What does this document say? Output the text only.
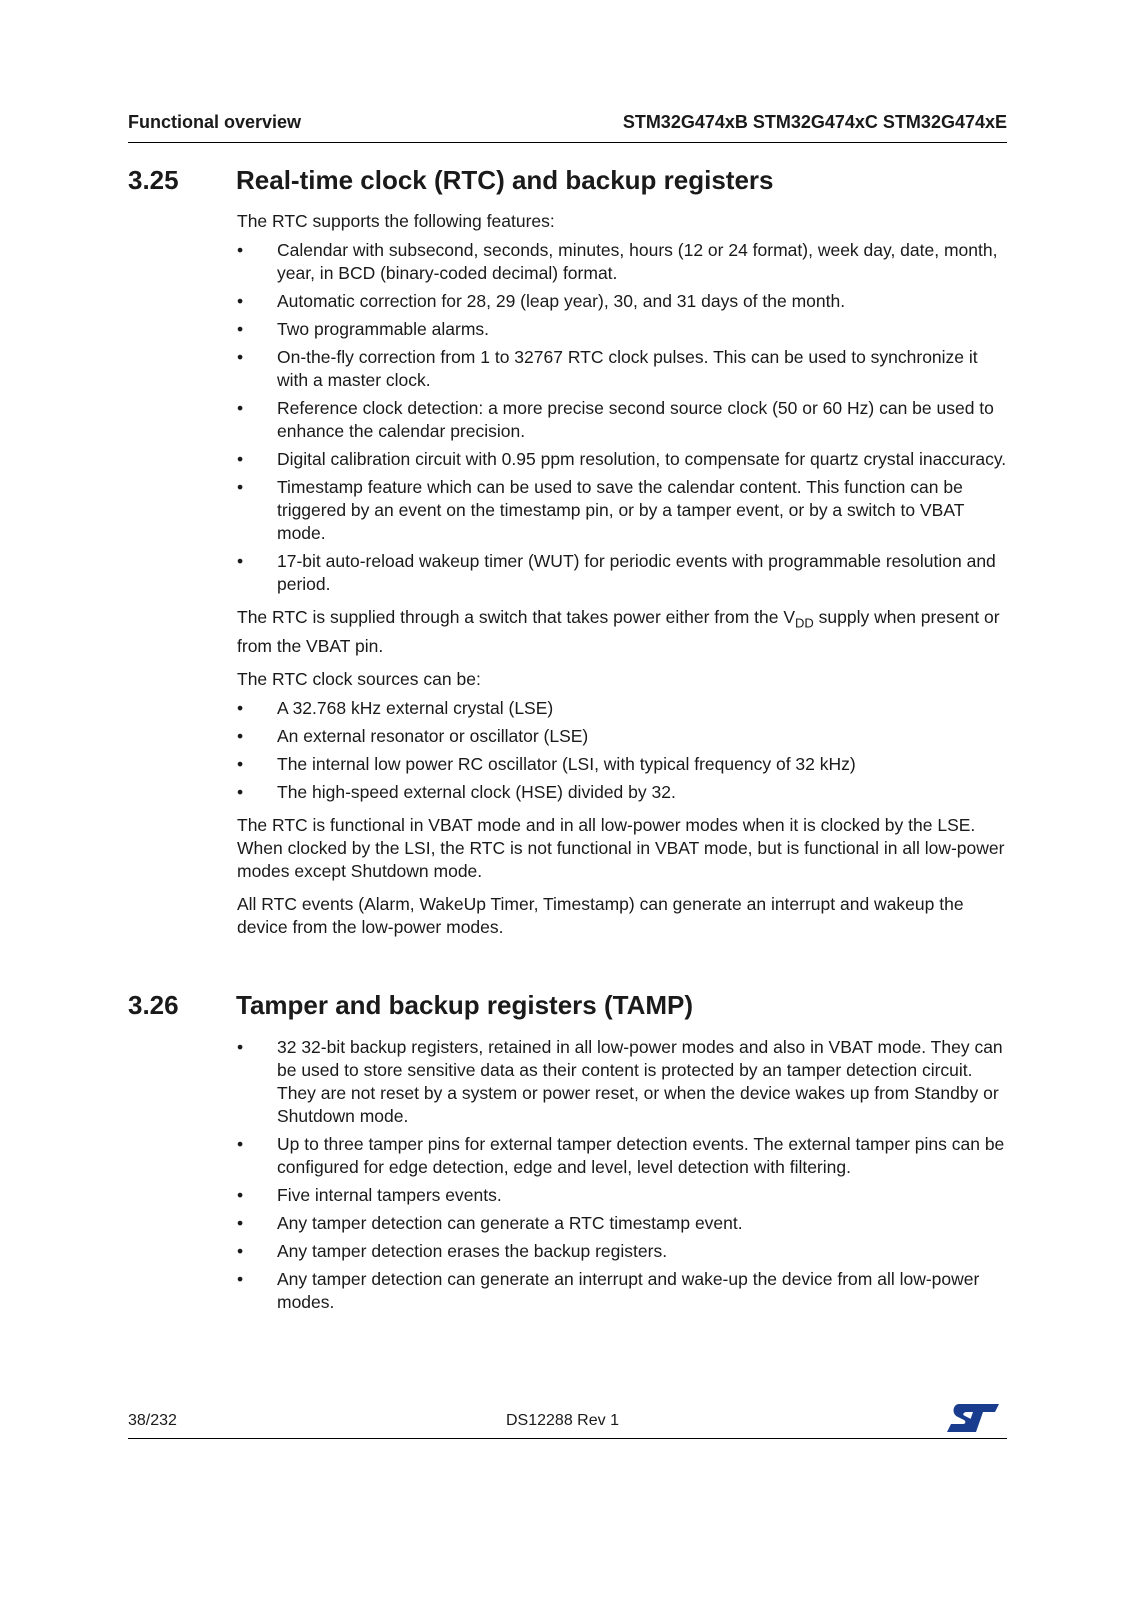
Functional overview	STM32G474xB STM32G474xC STM32G474xE
3.25	Real-time clock (RTC) and backup registers

The RTC supports the following features:

•	Calendar with subsecond, seconds, minutes, hours (12 or 24 format), week day, date, month, year, in BCD (binary-coded decimal) format.
•	Automatic correction for 28, 29 (leap year), 30, and 31 days of the month.
•	Two programmable alarms.
•	On-the-fly correction from 1 to 32767 RTC clock pulses. This can be used to synchronize it with a master clock.
•	Reference clock detection: a more precise second source clock (50 or 60 Hz) can be used to enhance the calendar precision.
•	Digital calibration circuit with 0.95 ppm resolution, to compensate for quartz crystal inaccuracy.
•	Timestamp feature which can be used to save the calendar content. This function can be triggered by an event on the timestamp pin, or by a tamper event, or by a switch to VBAT mode.
•	17-bit auto-reload wakeup timer (WUT) for periodic events with programmable resolution and period.

The RTC is supplied through a switch that takes power either from the $V_{DD}$ supply when present or from the VBAT pin.

The RTC clock sources can be:

•	A 32.768 kHz external crystal (LSE)
•	An external resonator or oscillator (LSE)
•	The internal low power RC oscillator (LSI, with typical frequency of 32 kHz)
•	The high-speed external clock (HSE) divided by 32.

The RTC is functional in VBAT mode and in all low-power modes when it is clocked by the LSE. When clocked by the LSI, the RTC is not functional in VBAT mode, but is functional in all low-power modes except Shutdown mode.

All RTC events (Alarm, WakeUp Timer, Timestamp) can generate an interrupt and wakeup the device from the low-power modes.

3.26	Tamper and backup registers (TAMP)
•	32 32-bit backup registers, retained in all low-power modes and also in VBAT mode. They can be used to store sensitive data as their content is protected by an tamper detection circuit. They are not reset by a system or power reset, or when the device wakes up from Standby or Shutdown mode.
•	Up to three tamper pins for external tamper detection events. The external tamper pins can be configured for edge detection, edge and level, level detection with filtering.
•	Five internal tampers events.
•	Any tamper detection can generate a RTC timestamp event.
•	Any tamper detection erases the backup registers.
•	Any tamper detection can generate an interrupt and wake-up the device from all low-power modes.
38/232	DS12288 Rev 1
